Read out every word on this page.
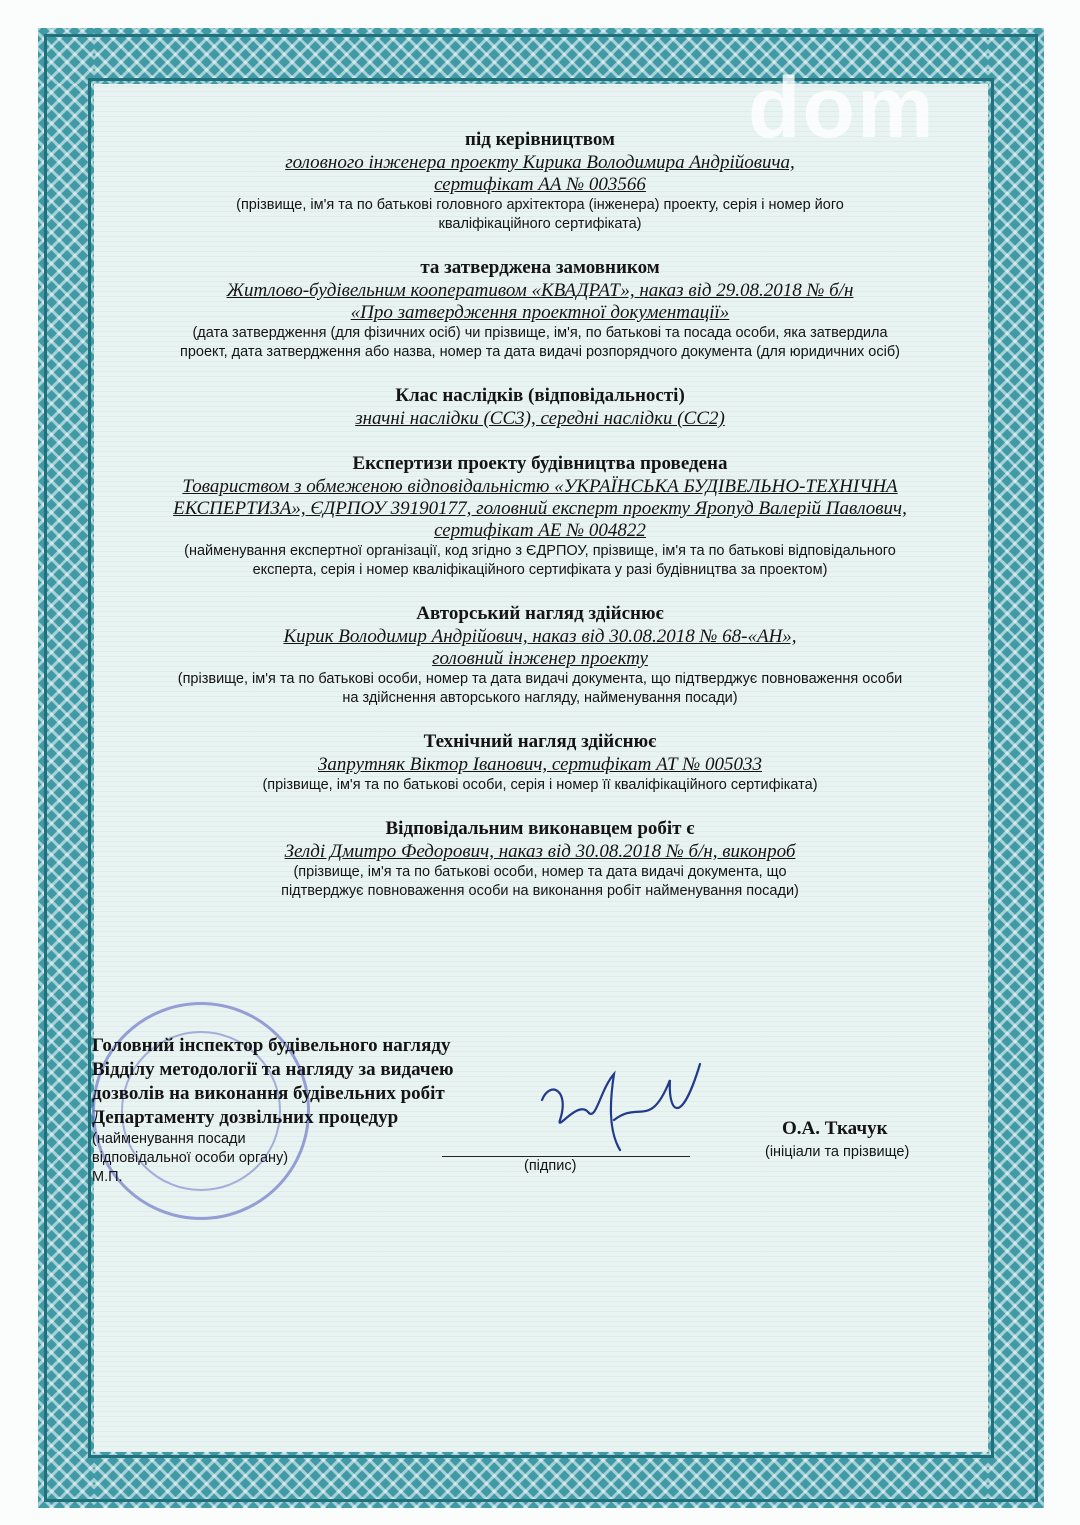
dom
під керівництвом
головного інженера проекту Кирика Володимира Андрійовича,
сертифікат АА № 003566
(прізвище, ім'я та по батькові головного архітектора (інженера) проекту, серія і номер його
кваліфікаційного сертифіката)
та затверджена замовником
Житлово-будівельним кооперативом «КВАДРАТ», наказ від 29.08.2018 № б/н
«Про затвердження проектної документації»
(дата затвердження (для фізичних осіб) чи прізвище, ім'я, по батькові та посада особи, яка затвердила
проект, дата затвердження або назва, номер та дата видачі розпорядчого документа (для юридичних осіб)
Клас наслідків (відповідальності)
значні наслідки (СС3), середні наслідки (СС2)
Експертизи проекту будівництва проведена
Товариством з обмеженою відповідальністю «УКРАЇНСЬКА БУДІВЕЛЬНО-ТЕХНІЧНА
ЕКСПЕРТИЗА», ЄДРПОУ 39190177, головний експерт проекту Яропуд Валерій Павлович,
сертифікат АЕ № 004822
(найменування експертної організації, код згідно з ЄДРПОУ, прізвище, ім'я та по батькові відповідального
експерта, серія і номер кваліфікаційного сертифіката у разі будівництва за проектом)
Авторський нагляд здійснює
Кирик Володимир Андрійович, наказ від 30.08.2018 № 68-«АН»,
головний інженер проекту
(прізвище, ім'я та по батькові особи, номер та дата видачі документа, що підтверджує повноваження особи
на здійснення авторського нагляду, найменування посади)
Технічний нагляд здійснює
Запрутняк Віктор Іванович, сертифікат АТ № 005033
(прізвище, ім'я та по батькові особи, серія і номер її кваліфікаційного сертифіката)
Відповідальним виконавцем робіт є
Зелді Дмитро Федорович, наказ від 30.08.2018 № б/н, виконроб
(прізвище, ім'я та по батькові особи, номер та дата видачі документа, що
підтверджує повноваження особи на виконання робіт найменування посади)
Головний інспектор будівельного нагляду
Відділу методології та нагляду за видачею
дозволів на виконання будівельних робіт
Департаменту дозвільних процедур
(найменування посади
відповідальної особи органу)
М.П.
(підпис)
О.А. Ткачук
(ініціали та прізвище)
